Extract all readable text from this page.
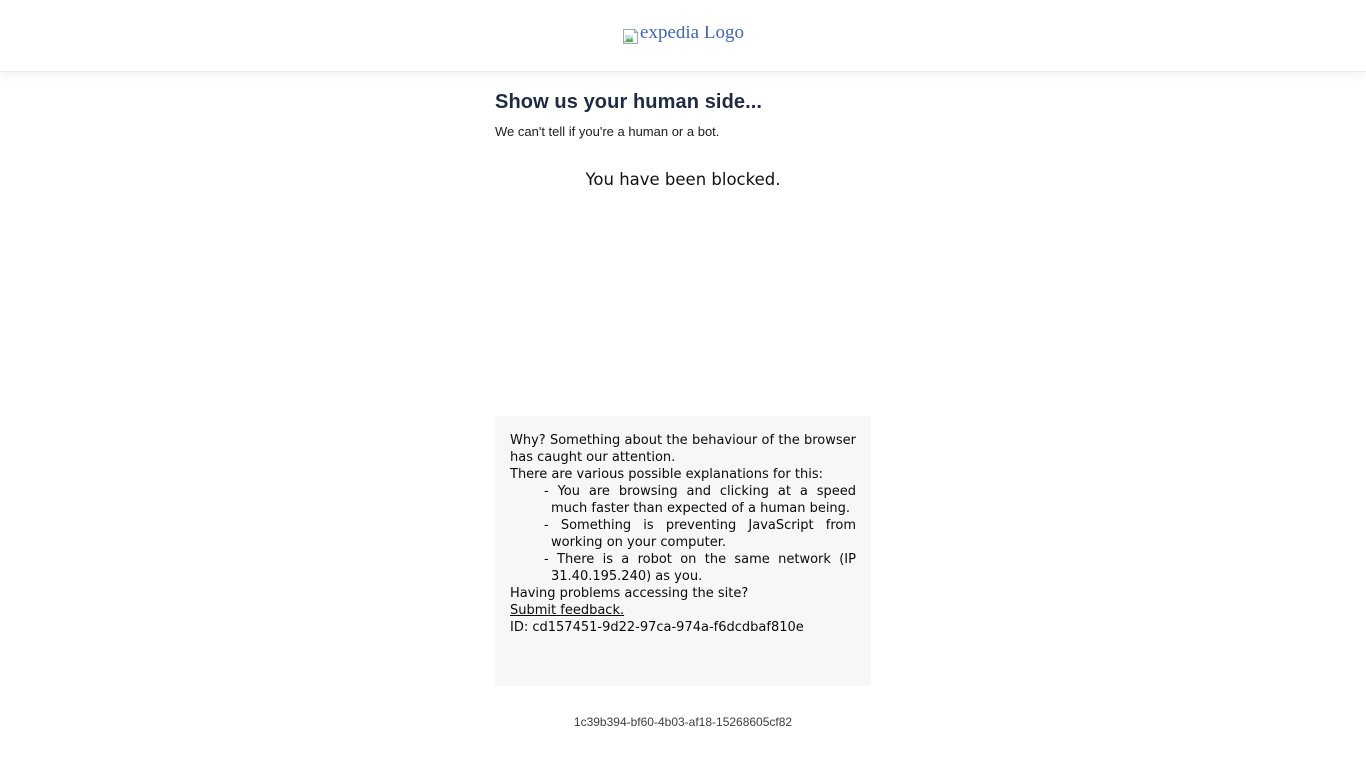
expedia Logo
Show us your human side...

We can't tell if you're a human or a bot.

You have been blocked.

Why? Something about the behaviour of the browser has caught our attention.

There are various possible explanations for this:

- You are browsing and clicking at a speed much faster than expected of a human being.
- Something is preventing JavaScript from working on your computer.
- There is a robot on the same network (IP 31.40.195.240) as you.

Having problems accessing the site?

Submit feedback.

ID: cd157451-9d22-97ca-974a-f6dcdbaf810e

1c39b394-bf60-4b03-af18-15268605cf82
